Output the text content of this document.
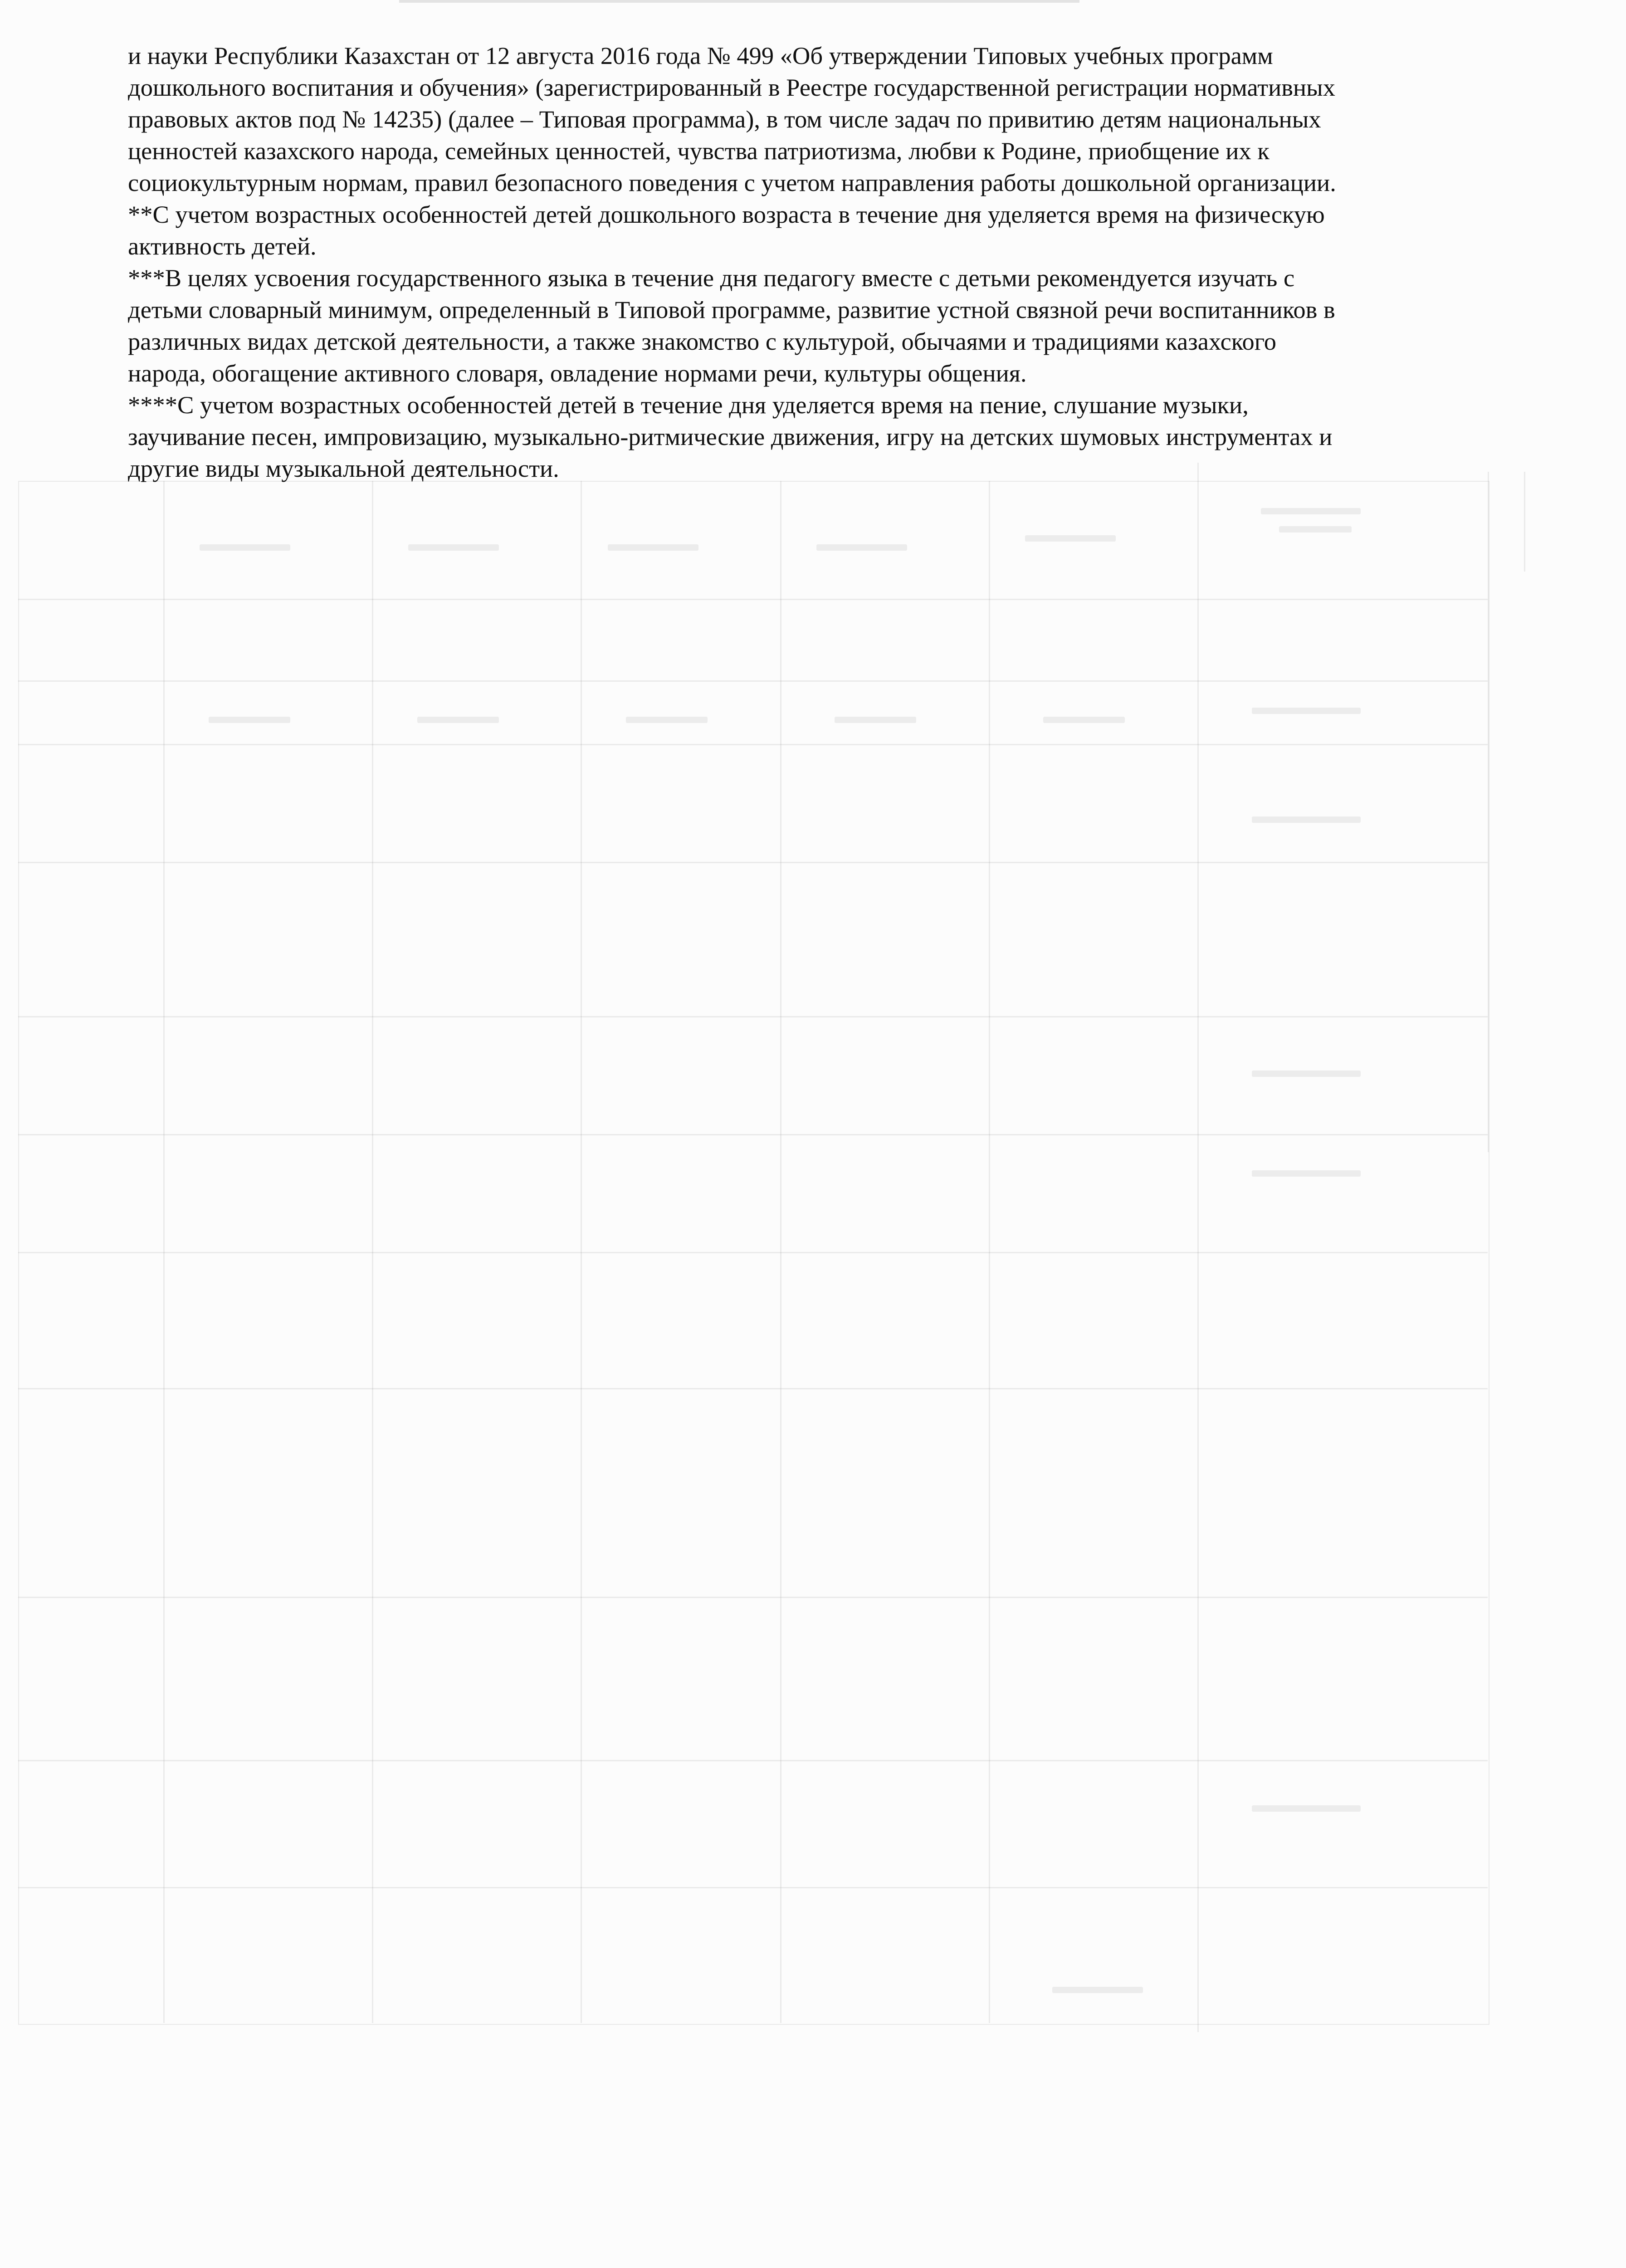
и науки Республики Казахстан от 12 августа 2016 года № 499 «Об утверждении Типовых учебных программ

дошкольного воспитания и обучения» (зарегистрированный в Реестре государственной регистрации нормативных

правовых актов под № 14235) (далее – Типовая программа), в том числе задач по привитию детям национальных

ценностей казахского народа, семейных ценностей, чувства патриотизма, любви к Родине, приобщение их к

социокультурным нормам, правил безопасного поведения с учетом направления работы дошкольной организации.

**С учетом возрастных особенностей детей дошкольного возраста в течение дня уделяется время на физическую

активность детей.

***В целях усвоения государственного языка в течение дня педагогу вместе с детьми рекомендуется изучать с

детьми словарный минимум, определенный в Типовой программе, развитие устной связной речи воспитанников в

различных видах детской деятельности, а также знакомство с культурой, обычаями и традициями казахского

народа, обогащение активного словаря, овладение нормами речи, культуры общения.

****С учетом возрастных особенностей детей в течение дня уделяется время на пение, слушание музыки,

заучивание песен, импровизацию, музыкально-ритмические движения, игру на детских шумовых инструментах и

другие виды музыкальной деятельности.
